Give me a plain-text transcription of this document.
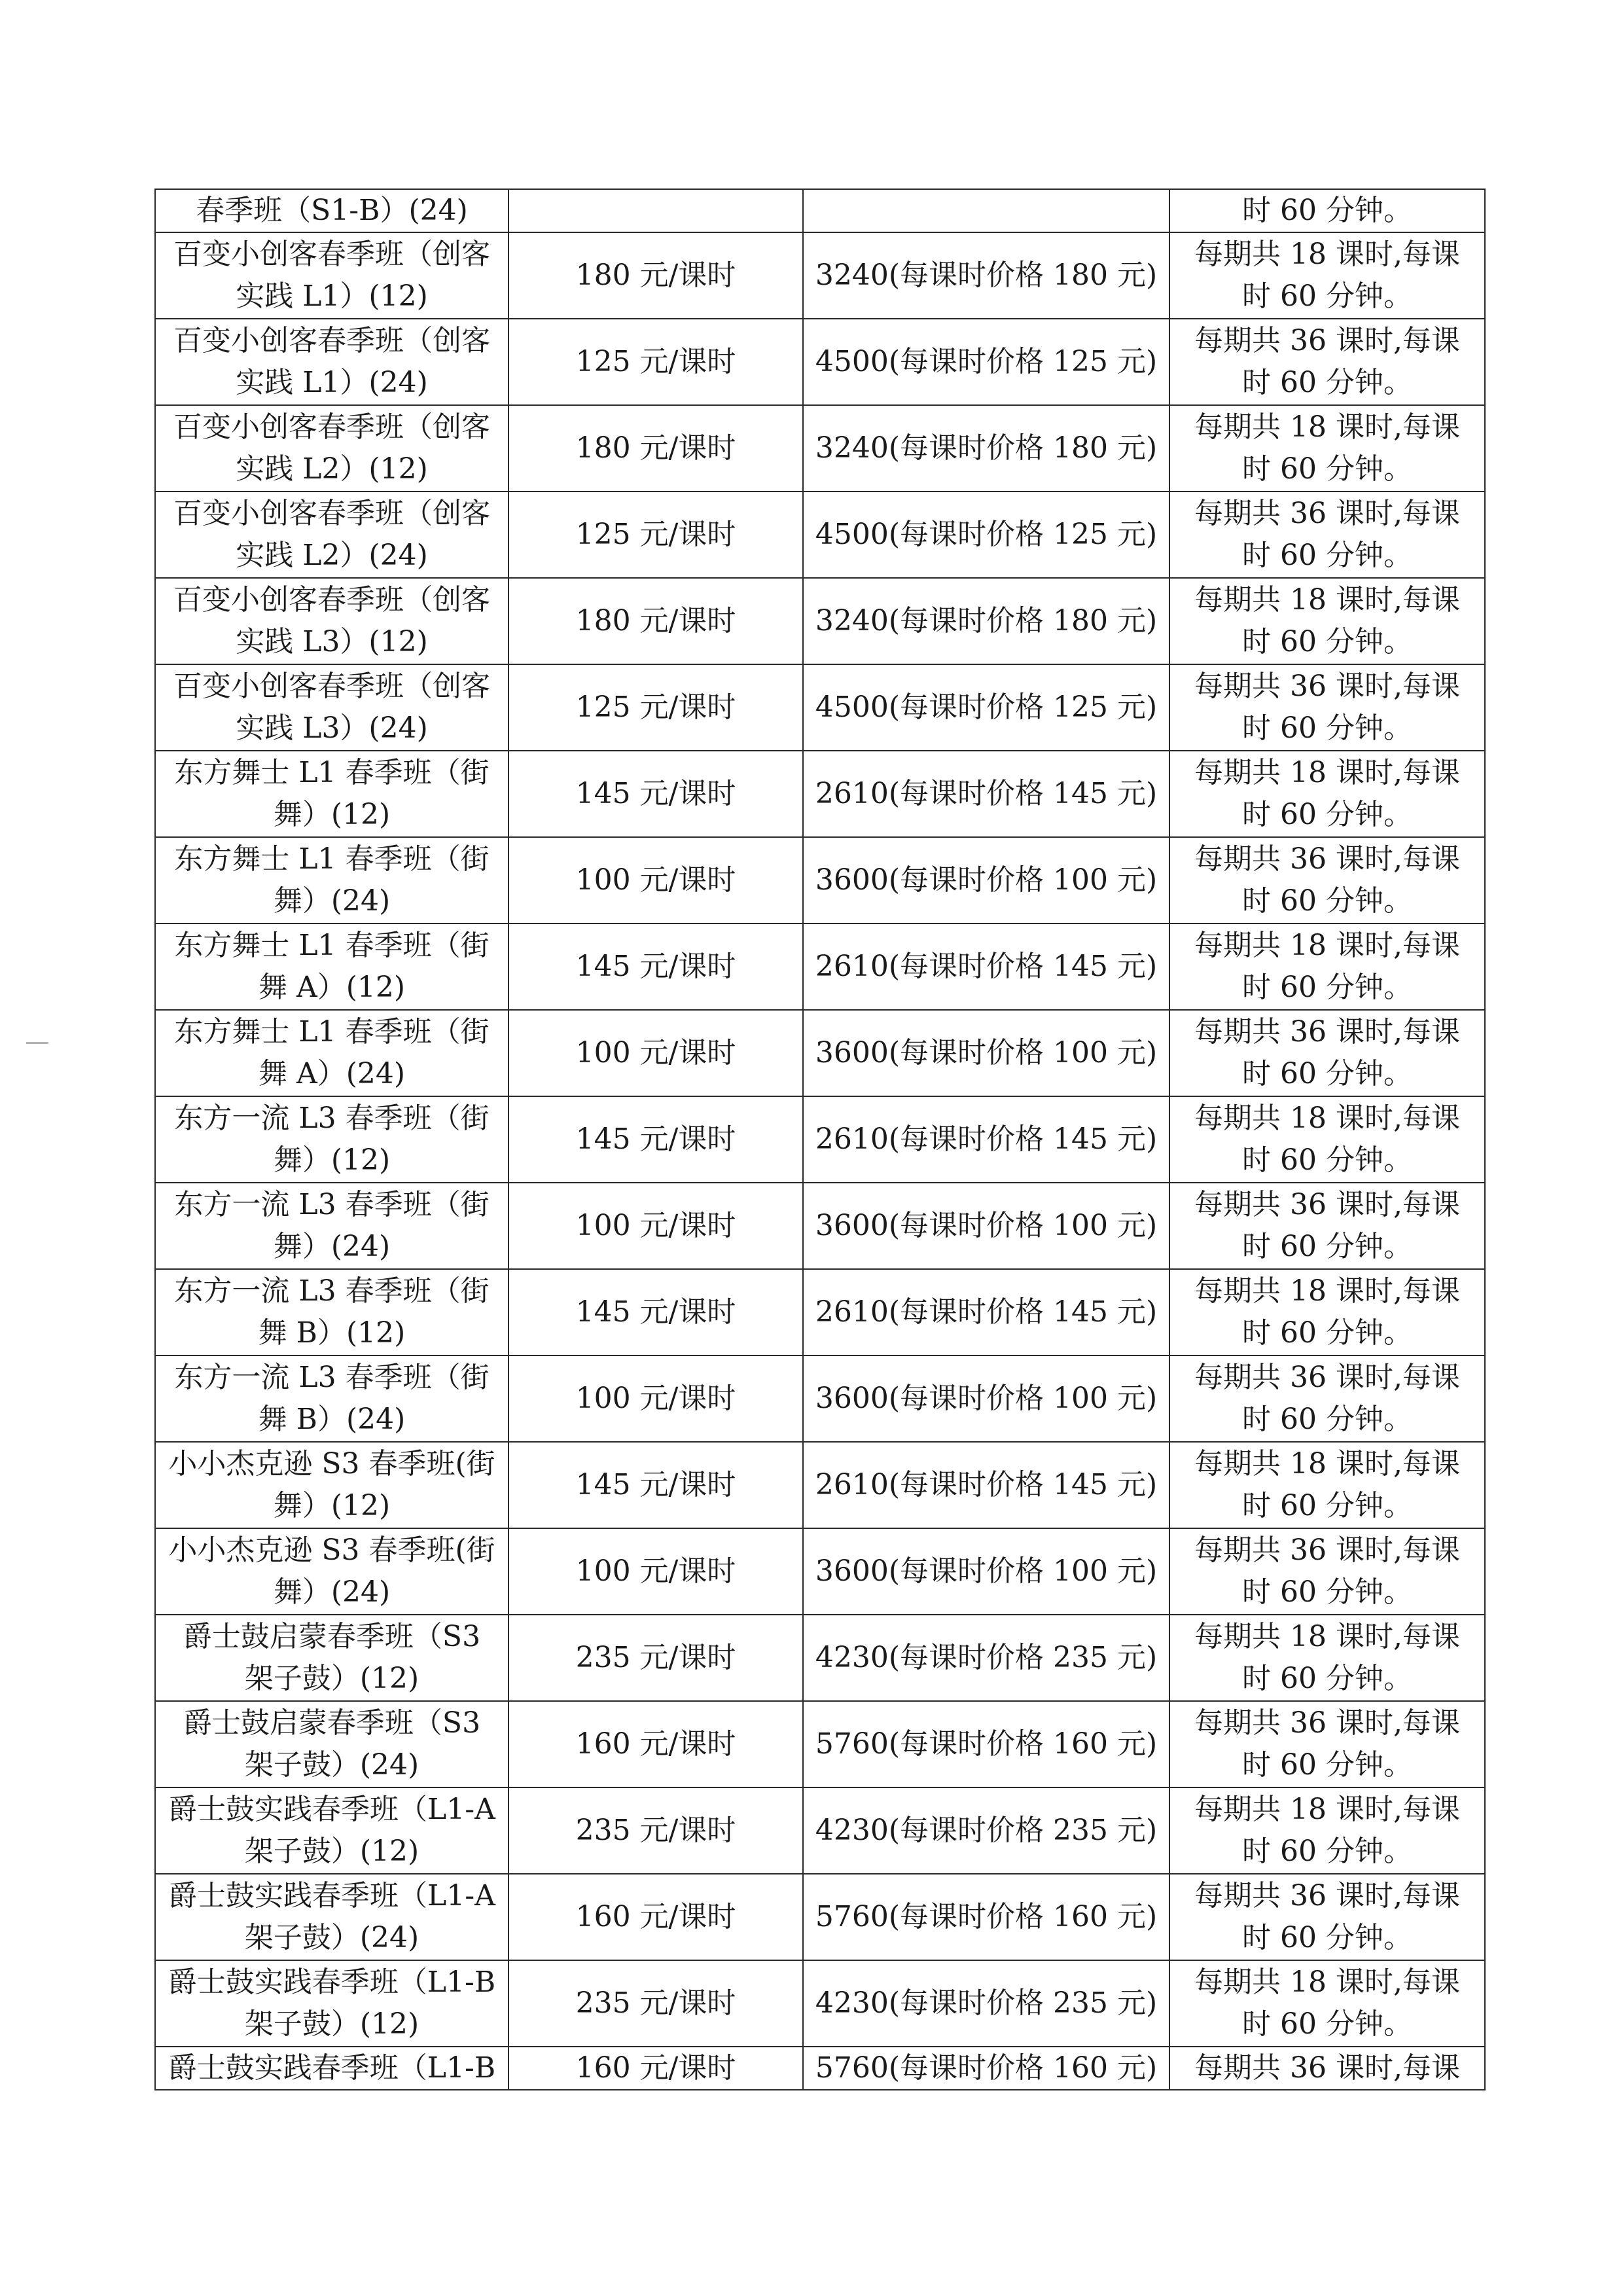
春季班（S1-B）(24)			时 60 分钟。

百变小创客春季班（创客
实践 L1）(12)	180 元/课时	3240(每课时价格 180 元)	每期共 18 课时,每课
时 60 分钟。

百变小创客春季班（创客
实践 L1）(24)	125 元/课时	4500(每课时价格 125 元)	每期共 36 课时,每课
时 60 分钟。

百变小创客春季班（创客
实践 L2）(12)	180 元/课时	3240(每课时价格 180 元)	每期共 18 课时,每课
时 60 分钟。

百变小创客春季班（创客
实践 L2）(24)	125 元/课时	4500(每课时价格 125 元)	每期共 36 课时,每课
时 60 分钟。

百变小创客春季班（创客
实践 L3）(12)	180 元/课时	3240(每课时价格 180 元)	每期共 18 课时,每课
时 60 分钟。

百变小创客春季班（创客
实践 L3）(24)	125 元/课时	4500(每课时价格 125 元)	每期共 36 课时,每课
时 60 分钟。

东方舞士 L1 春季班（街
舞）(12)	145 元/课时	2610(每课时价格 145 元)	每期共 18 课时,每课
时 60 分钟。

东方舞士 L1 春季班（街
舞）(24)	100 元/课时	3600(每课时价格 100 元)	每期共 36 课时,每课
时 60 分钟。

东方舞士 L1 春季班（街
舞 A）(12)	145 元/课时	2610(每课时价格 145 元)	每期共 18 课时,每课
时 60 分钟。

东方舞士 L1 春季班（街
舞 A）(24)	100 元/课时	3600(每课时价格 100 元)	每期共 36 课时,每课
时 60 分钟。

东方一流 L3 春季班（街
舞）(12)	145 元/课时	2610(每课时价格 145 元)	每期共 18 课时,每课
时 60 分钟。

东方一流 L3 春季班（街
舞）(24)	100 元/课时	3600(每课时价格 100 元)	每期共 36 课时,每课
时 60 分钟。

东方一流 L3 春季班（街
舞 B）(12)	145 元/课时	2610(每课时价格 145 元)	每期共 18 课时,每课
时 60 分钟。

东方一流 L3 春季班（街
舞 B）(24)	100 元/课时	3600(每课时价格 100 元)	每期共 36 课时,每课
时 60 分钟。

小小杰克逊 S3 春季班(街
舞）(12)	145 元/课时	2610(每课时价格 145 元)	每期共 18 课时,每课
时 60 分钟。

小小杰克逊 S3 春季班(街
舞）(24)	100 元/课时	3600(每课时价格 100 元)	每期共 36 课时,每课
时 60 分钟。

爵士鼓启蒙春季班（S3
架子鼓）(12)	235 元/课时	4230(每课时价格 235 元)	每期共 18 课时,每课
时 60 分钟。

爵士鼓启蒙春季班（S3
架子鼓）(24)	160 元/课时	5760(每课时价格 160 元)	每期共 36 课时,每课
时 60 分钟。

爵士鼓实践春季班（L1-A
架子鼓）(12)	235 元/课时	4230(每课时价格 235 元)	每期共 18 课时,每课
时 60 分钟。

爵士鼓实践春季班（L1-A
架子鼓）(24)	160 元/课时	5760(每课时价格 160 元)	每期共 36 课时,每课
时 60 分钟。

爵士鼓实践春季班（L1-B
架子鼓）(12)	235 元/课时	4230(每课时价格 235 元)	每期共 18 课时,每课
时 60 分钟。

爵士鼓实践春季班（L1-B	160 元/课时	5760(每课时价格 160 元)	每期共 36 课时,每课
